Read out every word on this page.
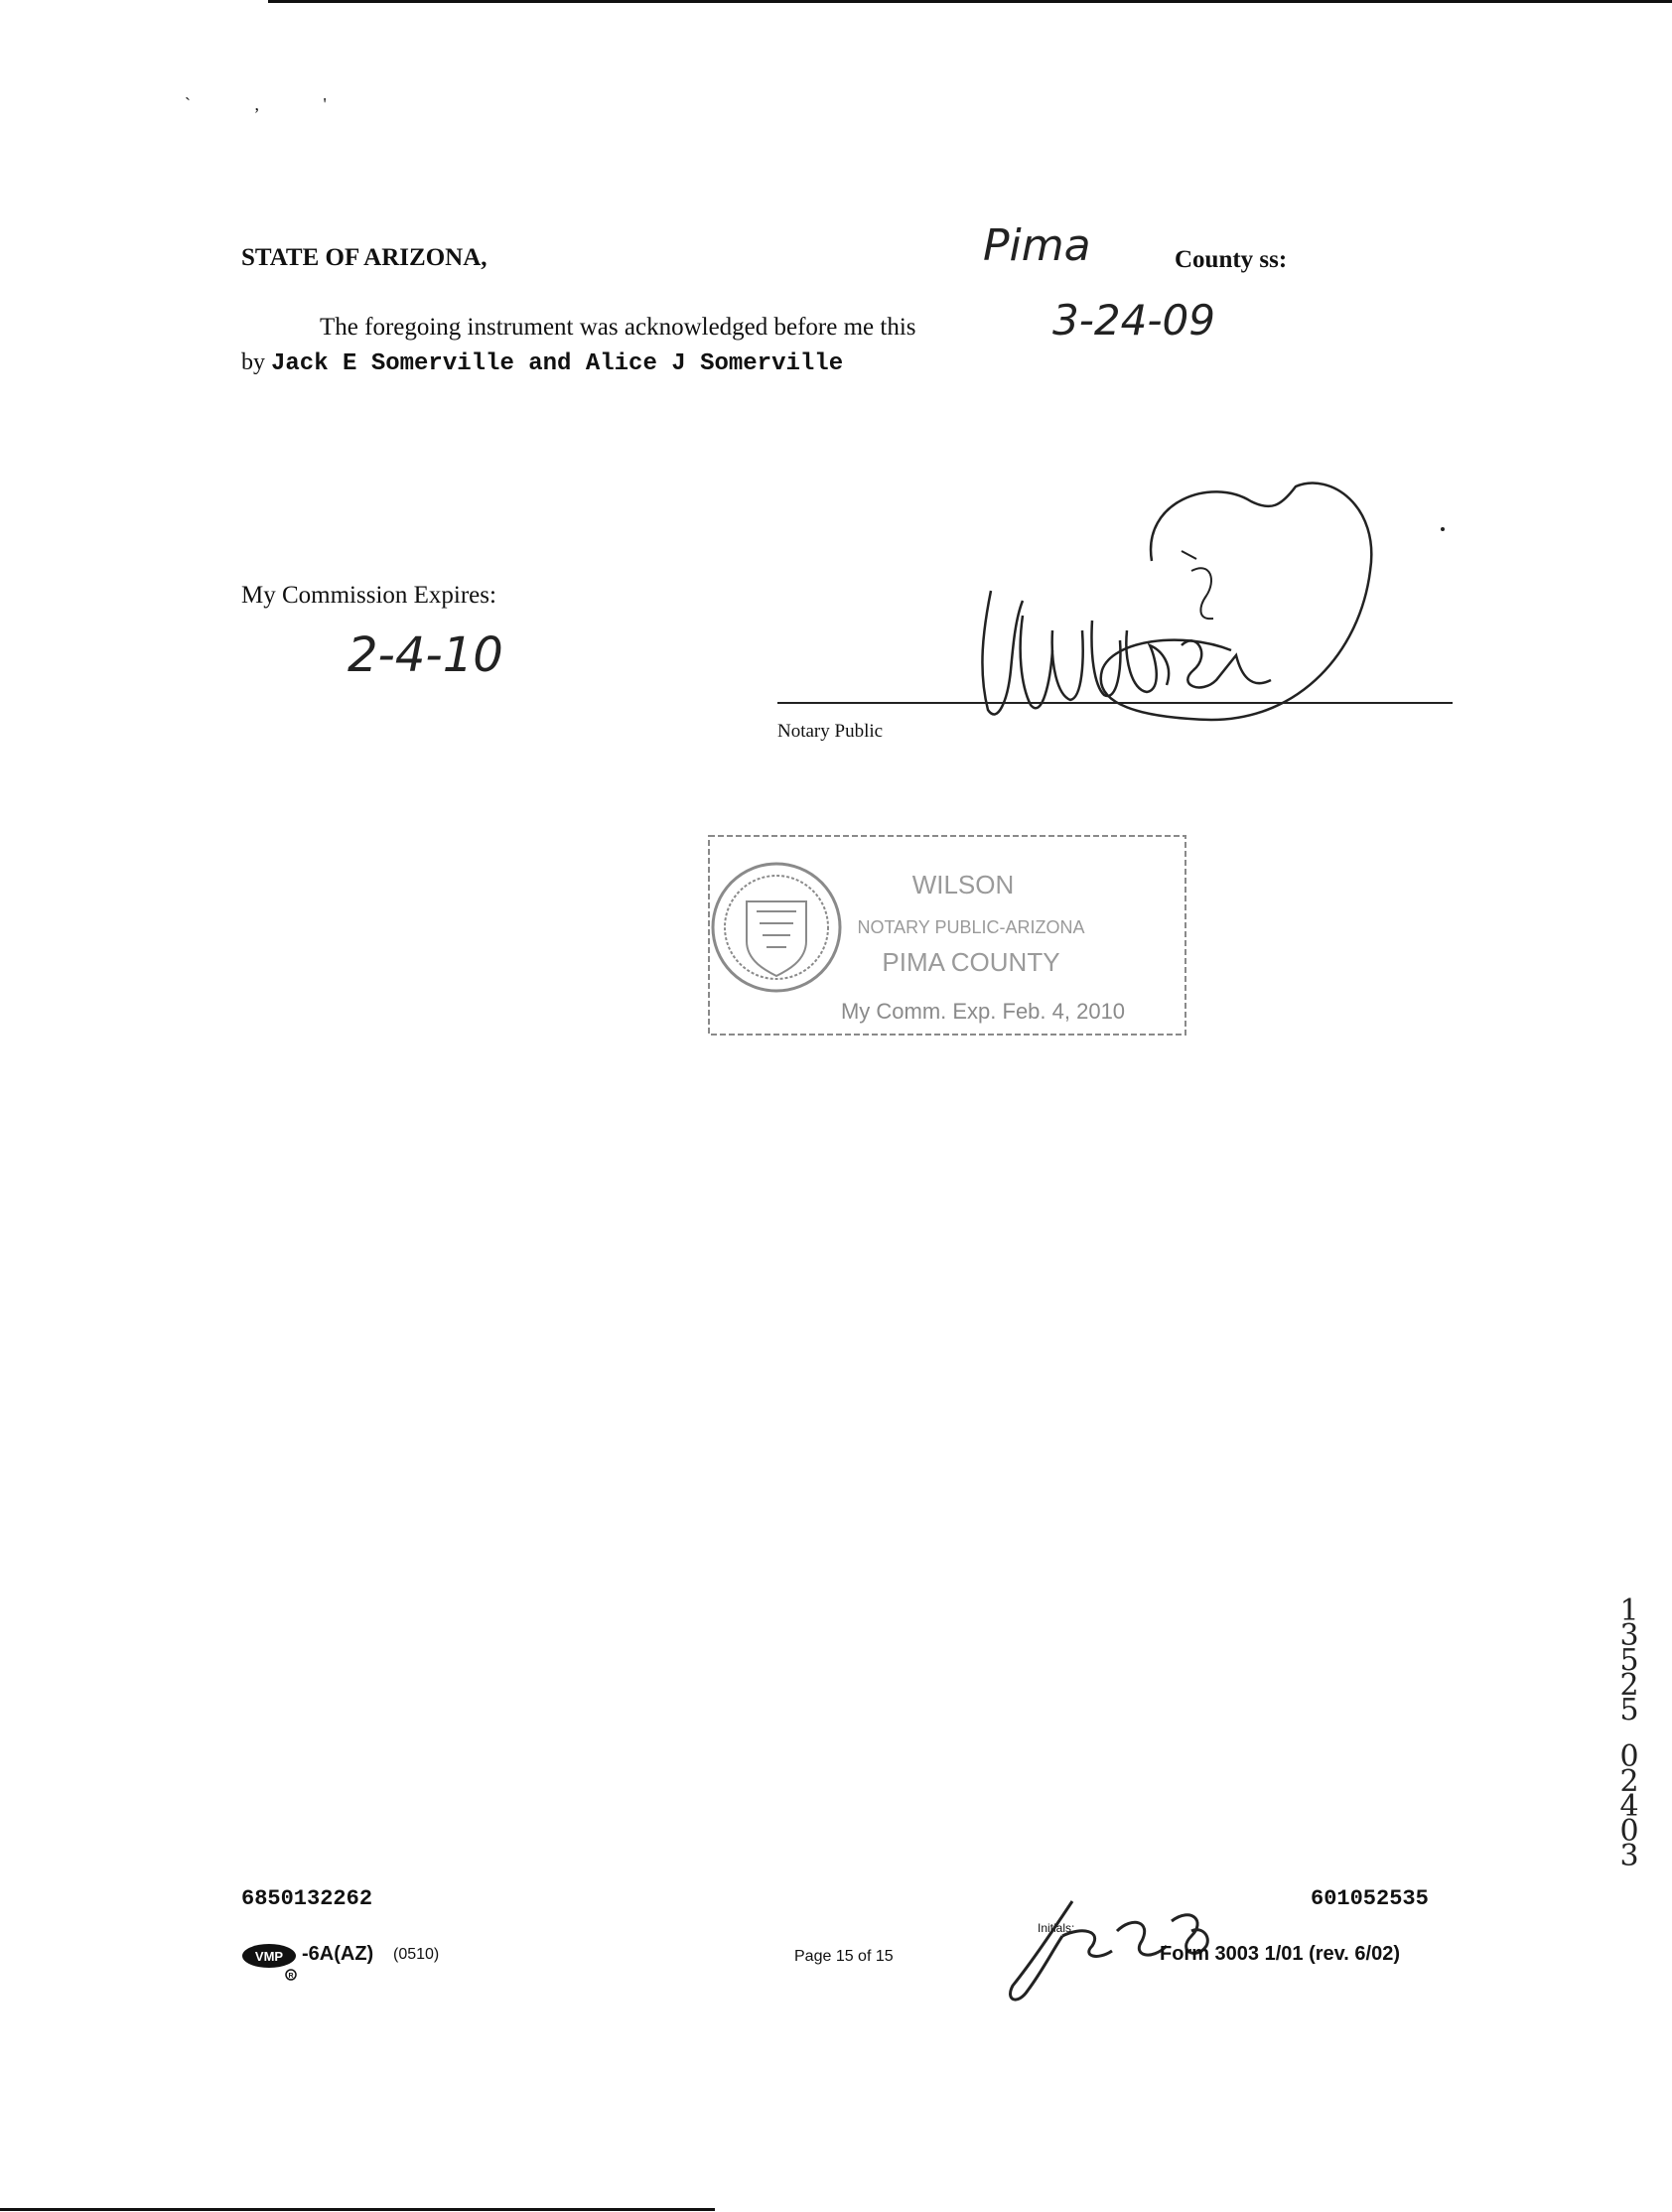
` , '
STATE OF ARIZONA,	Pima	County ss:
The foregoing instrument was acknowledged before me this	3-24-09
by Jack E Somerville and Alice J Somerville
My Commission Expires:
2-4-10
Notary Public
WILSON
NOTARY PUBLIC-ARIZONA
PIMA COUNTY
My Comm. Exp. Feb. 4, 2010
6850132262	601052535
VMP
R
-6A(AZ) (0510)	Page 15 of 15
Initials:
Form 3003 1/01 (rev. 6/02)
1
3
5
2
5
0
2
4
0
3
